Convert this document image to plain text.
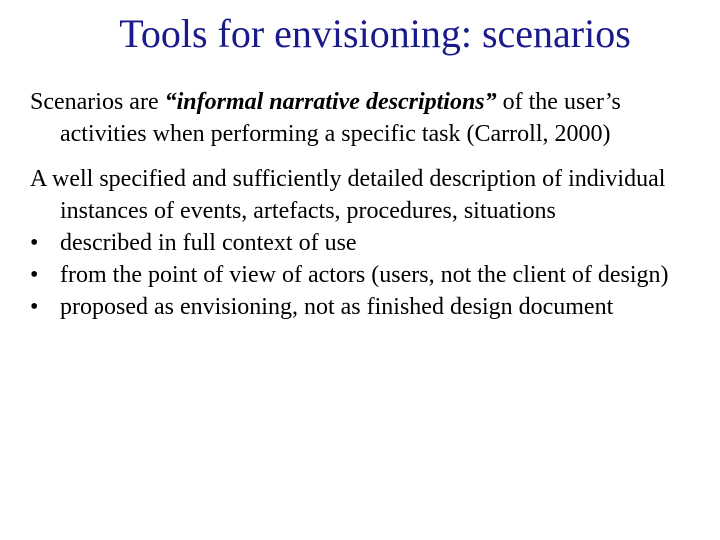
Tools for envisioning: scenarios
Scenarios are “informal narrative descriptions” of the user’s activities when performing a specific task (Carroll, 2000)
A well specified and sufficiently detailed description of individual instances of events, artefacts, procedures, situations
• described in full context of use
• from the point of view of actors (users, not the client of design)
• proposed as envisioning, not as finished design document
